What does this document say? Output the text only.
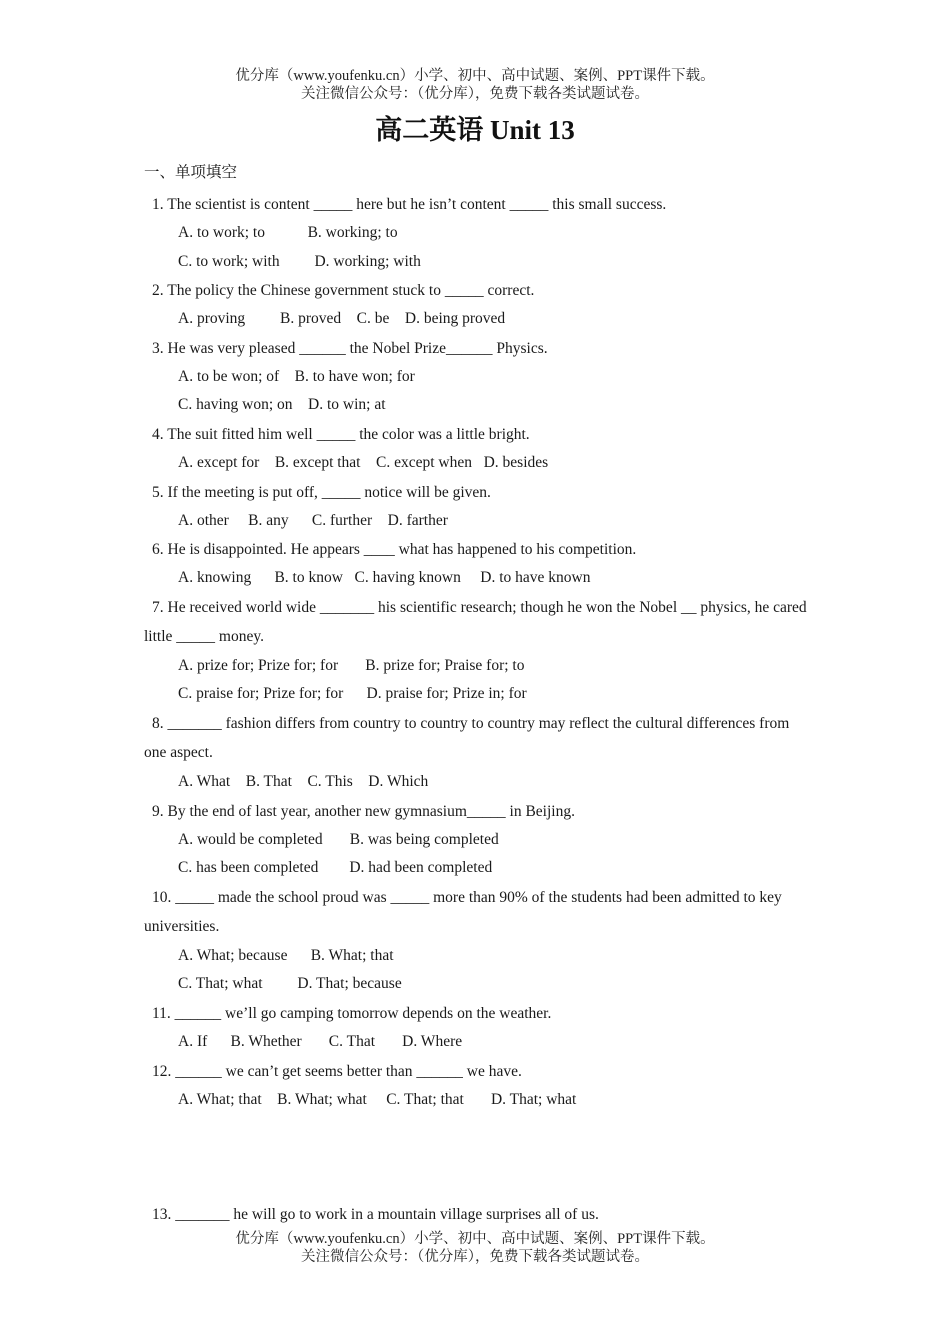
优分库（www.youfenku.cn）小学、初中、高中试题、案例、PPT课件下载。
关注微信公众号：（优分库），免费下载各类试题试卷。
高二英语 Unit 13
一、单项填空
1. The scientist is content _____ here but he isn’t content _____ this small success.
A. to work; to           B. working; to
C. to work; with         D. working; with
2. The policy the Chinese government stuck to _____ correct.
A. proving         B. proved    C. be    D. being proved
3. He was very pleased ______ the Nobel Prize______ Physics.
A. to be won; of    B. to have won; for
C. having won; on    D. to win; at
4. The suit fitted him well _____ the color was a little bright.
A. except for    B. except that    C. except when   D. besides
5. If the meeting is put off, _____ notice will be given.
A. other     B. any      C. further    D. farther
6. He is disappointed. He appears ____ what has happened to his competition.
A. knowing      B. to know   C. having known     D. to have known
7. He received world wide _______ his scientific research; though he won the Nobel __ physics, he cared little _____ money.
A. prize for; Prize for; for       B. prize for; Praise for; to
C. praise for; Prize for; for      D. praise for; Prize in; for
8. _______ fashion differs from country to country to country may reflect the cultural differences from one aspect.
A. What    B. That    C. This    D. Which
9. By the end of last year, another new gymnasium_____ in Beijing.
A. would be completed       B. was being completed
C. has been completed        D. had been completed
10. _____ made the school proud was _____ more than 90% of the students had been admitted to key universities.
A. What; because      B. What; that
C. That; what         D. That; because
11. ______ we’ll go camping tomorrow depends on the weather.
A. If      B. Whether       C. That       D. Where
12. ______ we can’t get seems better than ______ we have.
A. What; that    B. What; what     C. That; that       D. That; what
13. _______ he will go to work in a mountain village surprises all of us.
优分库（www.youfenku.cn）小学、初中、高中试题、案例、PPT课件下载。
关注微信公众号：（优分库），免费下载各类试题试卷。
